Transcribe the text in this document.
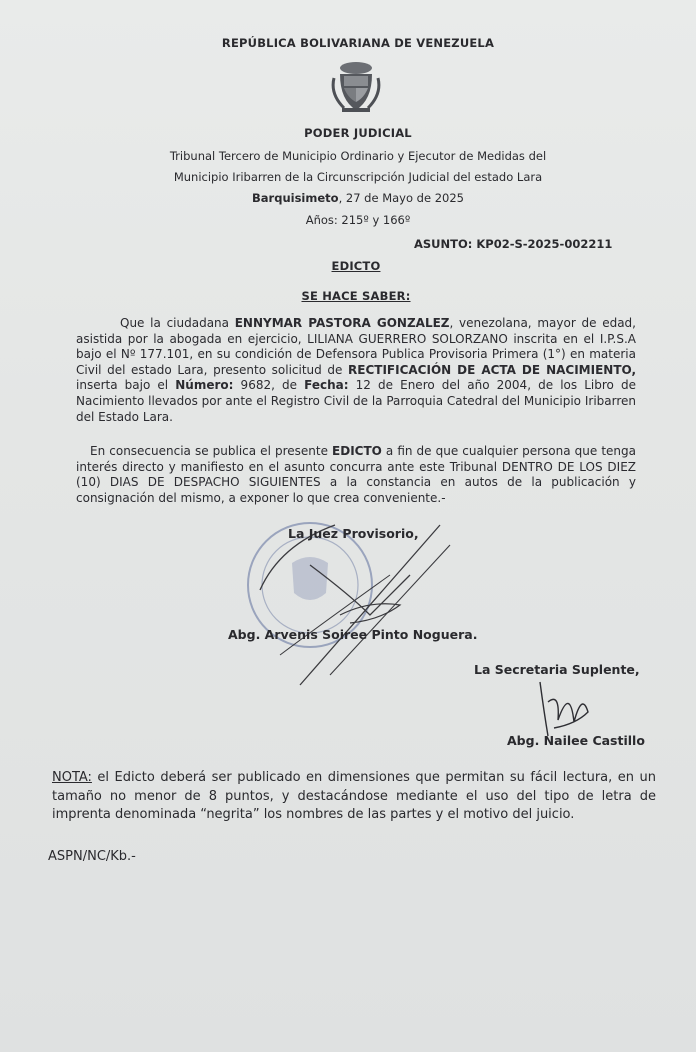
REPÚBLICA BOLIVARIANA DE VENEZUELA
PODER JUDICIAL
Tribunal Tercero de Municipio Ordinario y Ejecutor de Medidas del
Municipio Iribarren de la Circunscripción Judicial del estado Lara
Barquisimeto, 27 de Mayo de 2025
Años: 215º y 166º
ASUNTO: KP02-S-2025-002211
EDICTO
SE HACE SABER:
Que la ciudadana ENNYMAR PASTORA GONZALEZ, venezolana, mayor de edad, asistida por la abogada en ejercicio, LILIANA GUERRERO SOLORZANO inscrita en el I.P.S.A bajo el Nº 177.101, en su condición de Defensora Publica Provisoria Primera (1°) en materia Civil del estado Lara, presento solicitud de RECTIFICACIÓN DE ACTA DE NACIMIENTO, inserta bajo el Número: 9682, de Fecha: 12 de Enero del año 2004, de los Libro de Nacimiento llevados por ante el Registro Civil de la Parroquia Catedral del Municipio Iribarren del Estado Lara.
En consecuencia se publica el presente EDICTO a fin de que cualquier persona que tenga interés directo y manifiesto en el asunto concurra ante este Tribunal DENTRO DE LOS DIEZ (10) DIAS DE DESPACHO SIGUIENTES a la constancia en autos de la publicación y consignación del mismo, a exponer lo que crea conveniente.-
La Juez Provisorio,
Abg. Arvenis Soiree Pinto Noguera.
La Secretaria Suplente,
Abg. Nailee Castillo
NOTA: el Edicto deberá ser publicado en dimensiones que permitan su fácil lectura, en un tamaño no menor de 8 puntos, y destacándose mediante el uso del tipo de letra de imprenta denominada “negrita” los nombres de las partes y el motivo del juicio.
ASPN/NC/Kb.-
